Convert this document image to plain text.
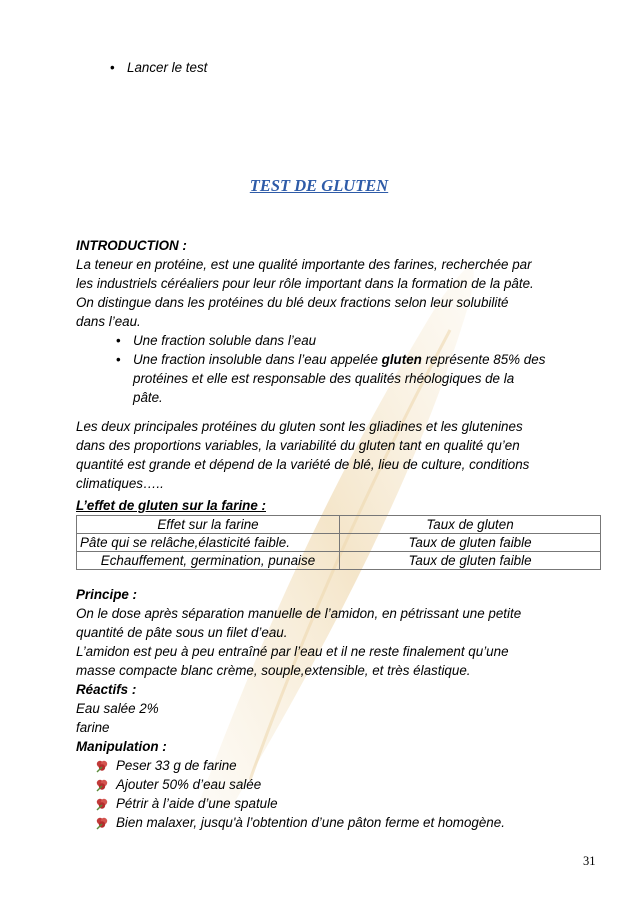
• Lancer le test
TEST DE GLUTEN
INTRODUCTION :
La teneur en protéine, est une qualité importante des farines, recherchée par
les industriels céréaliers pour leur rôle important dans la formation de la pâte.
On distingue dans les protéines du blé deux fractions selon leur solubilité
dans l’eau.
• Une fraction soluble dans l’eau
• Une fraction insoluble dans l’eau appelée gluten représente 85% des
protéines et elle est responsable des qualités rhéologiques de la
pâte.
Les deux principales protéines du gluten sont les gliadines et les glutenines
dans des proportions variables, la variabilité du gluten tant en qualité qu’en
quantité est grande et dépend de la variété de blé, lieu de culture, conditions
climatiques…..
L’effet de gluten sur la farine :
Effet sur la farine	Taux de gluten
Pâte qui se relâche,élasticité faible.	Taux de gluten faible
Echauffement, germination, punaise	Taux de gluten faible
Principe :
On le dose après séparation manuelle de l’amidon, en pétrissant une petite
quantité de pâte sous un filet d’eau.
L’amidon est peu à peu entraîné par l’eau et il ne reste finalement qu’une
masse compacte blanc crème, souple,extensible, et très élastique.
Réactifs :
Eau salée 2%
farine
Manipulation :
Peser 33 g de farine
Ajouter 50% d’eau salée
Pétrir à l’aide d’une spatule
Bien malaxer, jusqu'à l’obtention d’une pâton ferme et homogène.
31
